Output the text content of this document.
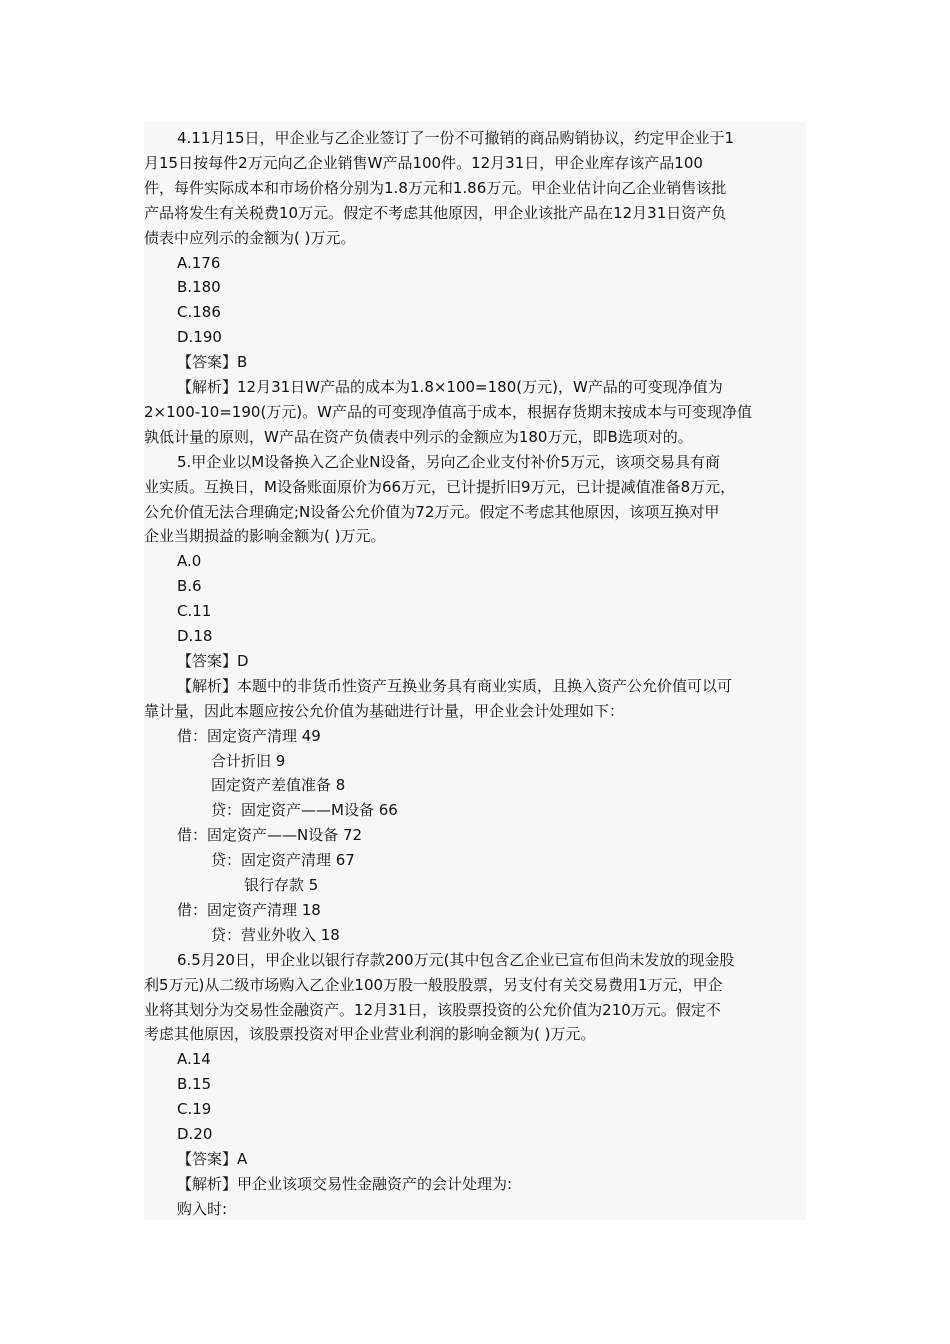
4.11月15日，甲企业与乙企业签订了一份不可撤销的商品购销协议，约定甲企业于1
月15日按每件2万元向乙企业销售W产品100件。12月31日，甲企业库存该产品100
件，每件实际成本和市场价格分别为1.8万元和1.86万元。甲企业估计向乙企业销售该批
产品将发生有关税费10万元。假定不考虑其他原因，甲企业该批产品在12月31日资产负
债表中应列示的金额为( )万元。
A.176
B.180
C.186
D.190
【答案】B
【解析】12月31日W产品的成本为1.8×100=180(万元)，W产品的可变现净值为
2×100-10=190(万元)。W产品的可变现净值高于成本，根据存货期末按成本与可变现净值
孰低计量的原则，W产品在资产负债表中列示的金额应为180万元，即B选项对的。
5.甲企业以M设备换入乙企业N设备，另向乙企业支付补价5万元，该项交易具有商
业实质。互换日，M设备账面原价为66万元，已计提折旧9万元，已计提减值准备8万元，
公允价值无法合理确定;N设备公允价值为72万元。假定不考虑其他原因，该项互换对甲
企业当期损益的影响金额为( )万元。
A.0
B.6
C.11
D.18
【答案】D
【解析】本题中的非货币性资产互换业务具有商业实质，且换入资产公允价值可以可
靠计量，因此本题应按公允价值为基础进行计量，甲企业会计处理如下：
借：固定资产清理 49
合计折旧 9
固定资产差值准备 8
贷：固定资产——M设备 66
借：固定资产——N设备 72
贷：固定资产清理 67
银行存款 5
借：固定资产清理 18
贷：营业外收入 18
6.5月20日，甲企业以银行存款200万元(其中包含乙企业已宣布但尚未发放的现金股
利5万元)从二级市场购入乙企业100万股一般股股票，另支付有关交易费用1万元，甲企
业将其划分为交易性金融资产。12月31日，该股票投资的公允价值为210万元。假定不
考虑其他原因，该股票投资对甲企业营业利润的影响金额为( )万元。
A.14
B.15
C.19
D.20
【答案】A
【解析】甲企业该项交易性金融资产的会计处理为:
购入时:
